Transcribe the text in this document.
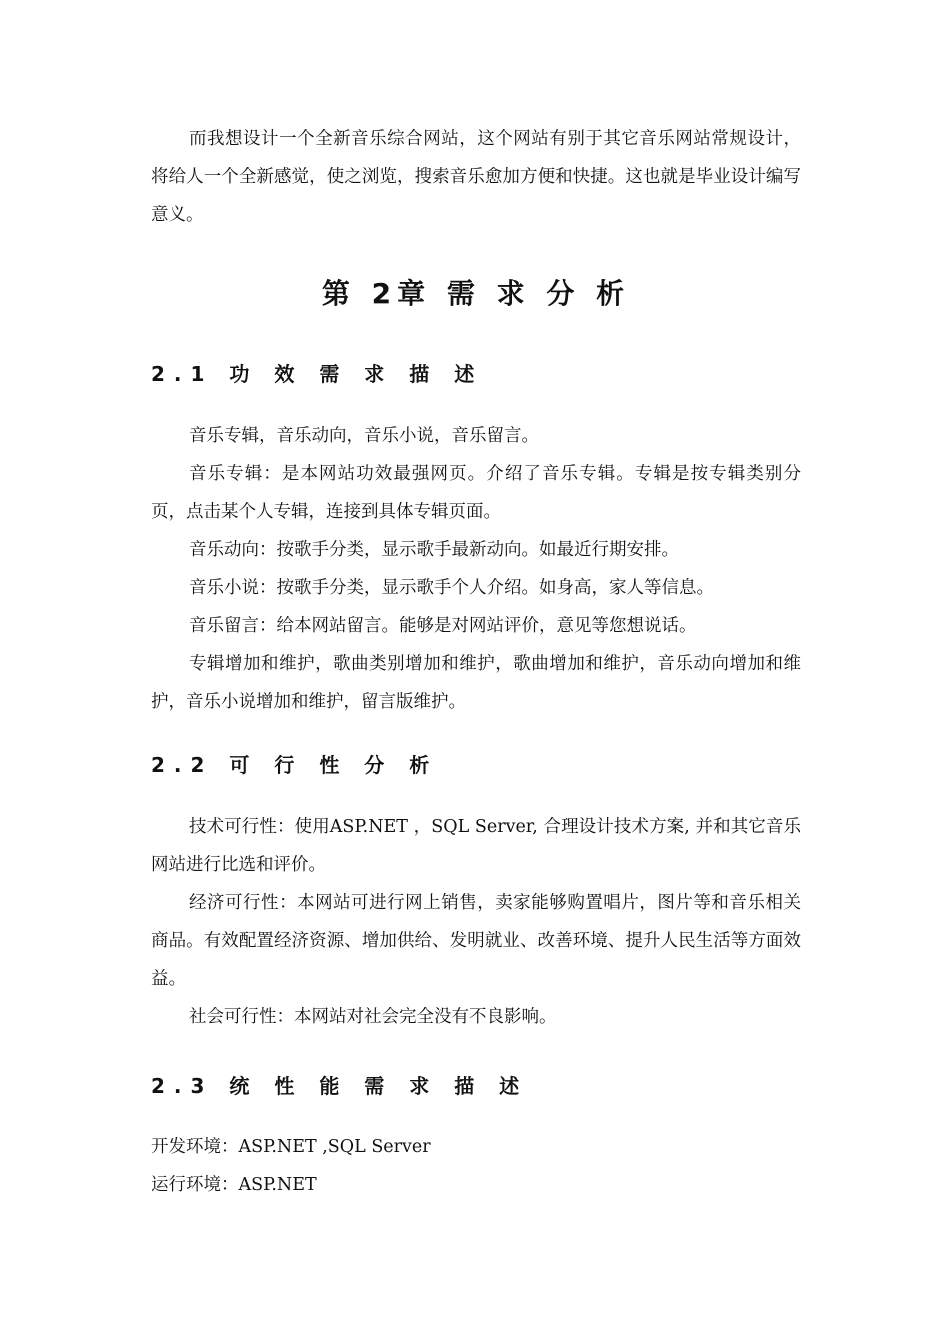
而我想设计一个全新音乐综合网站，这个网站有别于其它音乐网站常规设计，将给人一个全新感觉，使之浏览，搜索音乐愈加方便和快捷。这也就是毕业设计编写意义。

第 2章 需 求 分 析
2.1 功 效 需 求 描 述

音乐专辑，音乐动向，音乐小说，音乐留言。

音乐专辑：是本网站功效最强网页。介绍了音乐专辑。专辑是按专辑类别分页，点击某个人专辑，连接到具体专辑页面。

音乐动向：按歌手分类，显示歌手最新动向。如最近行期安排。

音乐小说：按歌手分类，显示歌手个人介绍。如身高，家人等信息。

音乐留言：给本网站留言。能够是对网站评价，意见等您想说话。

专辑增加和维护，歌曲类别增加和维护，歌曲增加和维护，音乐动向增加和维护，音乐小说增加和维护，留言版维护。

2.2 可 行 性 分 析

技术可行性：使用ASP.NET ，SQL Server, 合理设计技术方案, 并和其它音乐网站进行比选和评价。

经济可行性：本网站可进行网上销售，卖家能够购置唱片，图片等和音乐相关商品。有效配置经济资源、增加供给、发明就业、改善环境、提升人民生活等方面效益。

社会可行性：本网站对社会完全没有不良影响。

2.3 统 性 能 需 求 描 述

开发环境：ASP.NET ,SQL Server

运行环境：ASP.NET
